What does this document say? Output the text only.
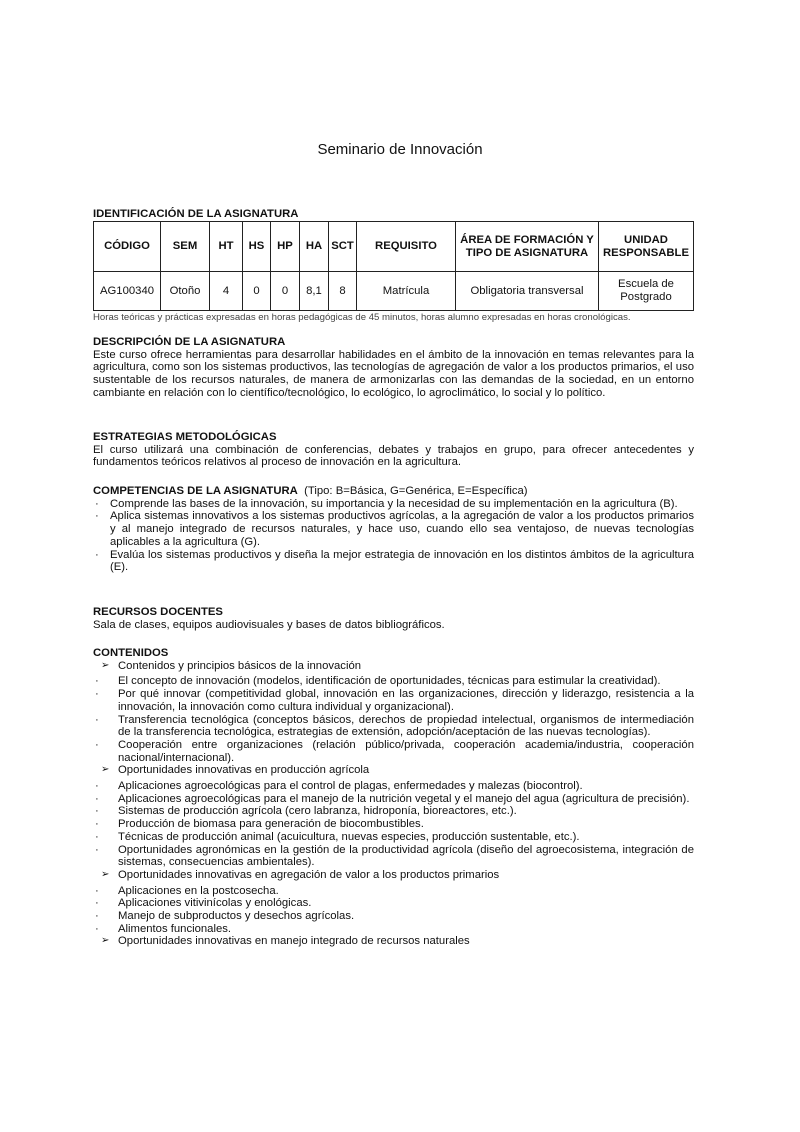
Seminario de Innovación
IDENTIFICACIÓN DE LA ASIGNATURA
CÓDIGO	SEM	HT	HS	HP	HA	SCT	REQUISITO	ÁREA DE FORMACIÓN Y TIPO DE ASIGNATURA	UNIDAD RESPONSABLE
AG100340	Otoño	4	0	0	8,1	8	Matrícula	Obligatoria transversal	Escuela de Postgrado
Horas teóricas y prácticas expresadas en horas pedagógicas de 45 minutos, horas alumno expresadas en horas cronológicas.
DESCRIPCIÓN DE LA ASIGNATURA

Este curso ofrece herramientas para desarrollar habilidades en el ámbito de la innovación en temas relevantes para la agricultura, como son los sistemas productivos, las tecnologías de agregación de valor a los productos primarios, el uso sustentable de los recursos naturales, de manera de armonizarlas con las demandas de la sociedad, en un entorno cambiante en relación con lo científico/tecnológico, lo ecológico, lo agroclimático, lo social y lo político.

ESTRATEGIAS METODOLÓGICAS

El curso utilizará una combinación de conferencias, debates y trabajos en grupo, para ofrecer antecedentes y fundamentos teóricos relativos al proceso de innovación en la agricultura.

COMPETENCIAS DE LA ASIGNATURA (Tipo: B=Básica, G=Genérica, E=Específica)
· Comprende las bases de la innovación, su importancia y la necesidad de su implementación en la agricultura (B).
· Aplica sistemas innovativos a los sistemas productivos agrícolas, a la agregación de valor a los productos primarios y al manejo integrado de recursos naturales, y hace uso, cuando ello sea ventajoso, de nuevas tecnologías aplicables a la agricultura (G).
· Evalúa los sistemas productivos y diseña la mejor estrategia de innovación en los distintos ámbitos de la agricultura (E).
RECURSOS DOCENTES

Sala de clases, equipos audiovisuales y bases de datos bibliográficos.

CONTENIDOS
➢ Contenidos y principios básicos de la innovación
· El concepto de innovación (modelos, identificación de oportunidades, técnicas para estimular la creatividad).
· Por qué innovar (competitividad global, innovación en las organizaciones, dirección y liderazgo, resistencia a la innovación, la innovación como cultura individual y organizacional).
· Transferencia tecnológica (conceptos básicos, derechos de propiedad intelectual, organismos de intermediación de la transferencia tecnológica, estrategias de extensión, adopción/aceptación de las nuevas tecnologías).
· Cooperación entre organizaciones (relación público/privada, cooperación academia/industria, cooperación nacional/internacional).
➢ Oportunidades innovativas en producción agrícola
· Aplicaciones agroecológicas para el control de plagas, enfermedades y malezas (biocontrol).
· Aplicaciones agroecológicas para el manejo de la nutrición vegetal y el manejo del agua (agricultura de precisión).
· Sistemas de producción agrícola (cero labranza, hidroponía, bioreactores, etc.).
· Producción de biomasa para generación de biocombustibles.
· Técnicas de producción animal (acuicultura, nuevas especies, producción sustentable, etc.).
· Oportunidades agronómicas en la gestión de la productividad agrícola (diseño del agroecosistema, integración de sistemas, consecuencias ambientales).
➢ Oportunidades innovativas en agregación de valor a los productos primarios
· Aplicaciones en la postcosecha.
· Aplicaciones vitivinícolas y enológicas.
· Manejo de subproductos y desechos agrícolas.
· Alimentos funcionales.
➢ Oportunidades innovativas en manejo integrado de recursos naturales
